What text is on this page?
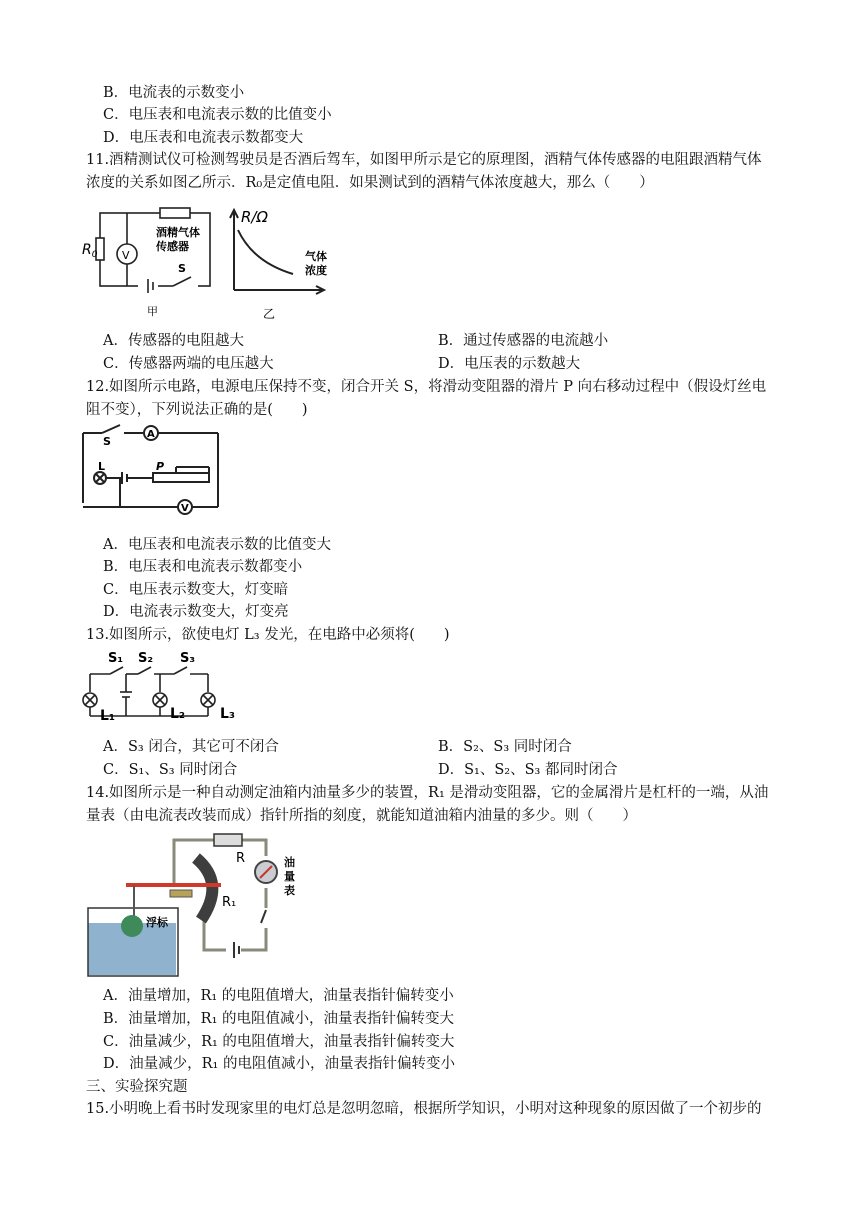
B．电流表的示数变小
C．电压表和电流表示数的比值变小
D．电压表和电流表示数都变大
11.酒精测试仪可检测驾驶员是否酒后驾车，如图甲所示是它的原理图，酒精气体传感器的电阻跟酒精气体
浓度的关系如图乙所示．R₀是定值电阻．如果测试到的酒精气体浓度越大，那么（　　）
$R_0$ V
酒精气体
传感器
S
甲
R/Ω
气体
浓度
乙
A．传感器的电阻越大	B．通过传感器的电流越小
C．传感器两端的电压越大	D．电压表的示数越大
12.如图所示电路，电源电压保持不变，闭合开关 S，将滑动变阻器的滑片 P 向右移动过程中（假设灯丝电
阻不变），下列说法正确的是(　　)
S
A
L	P
V
A．电压表和电流表示数的比值变大
B．电压表和电流表示数都变小
C．电压表示数变大，灯变暗
D．电流表示数变大，灯变亮
13.如图所示，欲使电灯 L₃ 发光，在电路中必须将(　　)
S₁ S₂ S₃
L₁	L₂ L₃
A．S₃ 闭合，其它可不闭合	B．S₂、S₃ 同时闭合
C．S₁、S₃ 同时闭合	D．S₁、S₂、S₃ 都同时闭合
14.如图所示是一种自动测定油箱内油量多少的装置，R₁ 是滑动变阻器，它的金属滑片是杠杆的一端，从油
量表（由电流表改装而成）指针所指的刻度，就能知道油箱内油量的多少。则（　　）
R	油
量
表
R₁
浮标
A．油量增加，R₁ 的电阻值增大，油量表指针偏转变小
B．油量增加，R₁ 的电阻值减小，油量表指针偏转变大
C．油量减少，R₁ 的电阻值增大，油量表指针偏转变大
D．油量减少，R₁ 的电阻值减小，油量表指针偏转变小
三、实验探究题
15.小明晚上看书时发现家里的电灯总是忽明忽暗，根据所学知识，小明对这种现象的原因做了一个初步的
